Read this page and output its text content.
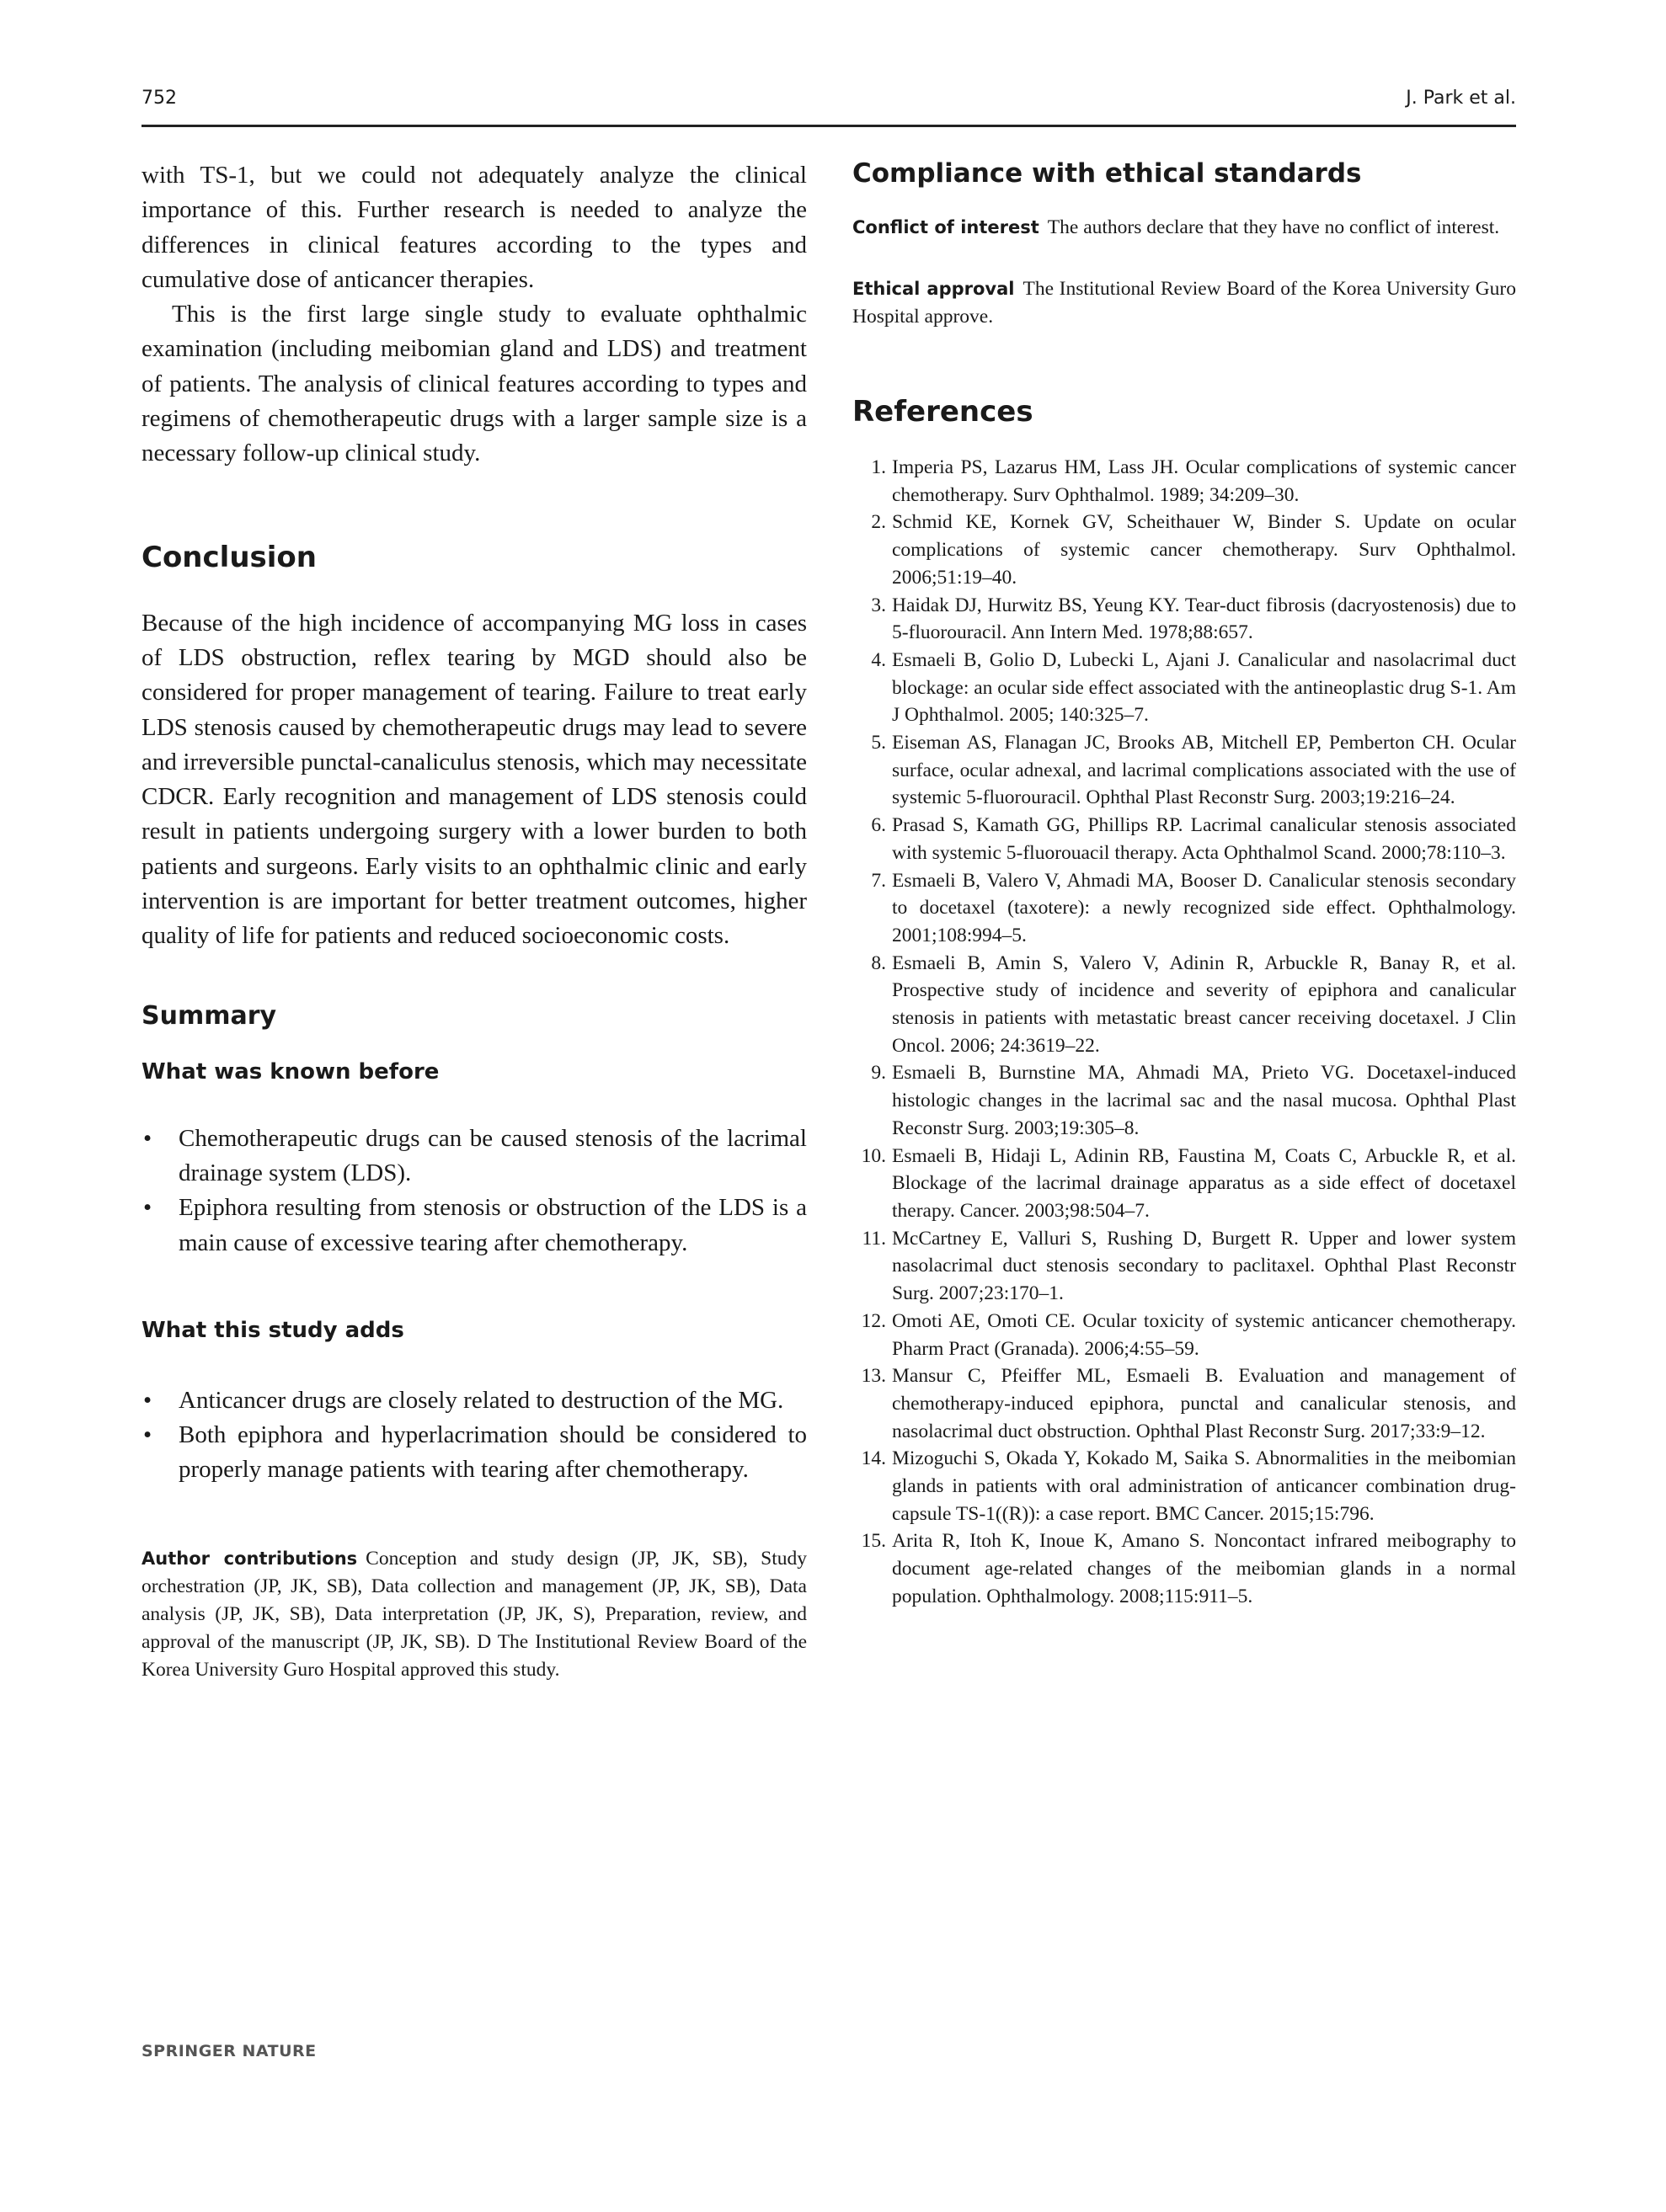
752	J. Park et al.

with TS-1, but we could not adequately analyze the clinical importance of this. Further research is needed to analyze the differences in clinical features according to the types and cumulative dose of anticancer therapies.

This is the first large single study to evaluate ophthalmic examination (including meibomian gland and LDS) and treatment of patients. The analysis of clinical features according to types and regimens of chemotherapeutic drugs with a larger sample size is a necessary follow-up clinical study.

Conclusion

Because of the high incidence of accompanying MG loss in cases of LDS obstruction, reflex tearing by MGD should also be considered for proper management of tearing. Failure to treat early LDS stenosis caused by chemotherapeutic drugs may lead to severe and irreversible punctal-canaliculus stenosis, which may necessitate CDCR. Early recognition and management of LDS stenosis could result in patients undergoing surgery with a lower burden to both patients and surgeons. Early visits to an ophthalmic clinic and early intervention is are important for better treatment outcomes, higher quality of life for patients and reduced socioeconomic costs.

Summary
What was known before
• Chemotherapeutic drugs can be caused stenosis of the lacrimal drainage system (LDS).
• Epiphora resulting from stenosis or obstruction of the LDS is a main cause of excessive tearing after chemotherapy.
What this study adds
• Anticancer drugs are closely related to destruction of the MG.
• Both epiphora and hyperlacrimation should be considered to properly manage patients with tearing after chemotherapy.

Author contributions Conception and study design (JP, JK, SB), Study orchestration (JP, JK, SB), Data collection and management (JP, JK, SB), Data analysis (JP, JK, SB), Data interpretation (JP, JK, S), Preparation, review, and approval of the manuscript (JP, JK, SB). D The Institutional Review Board of the Korea University Guro Hospital approved this study.

Compliance with ethical standards

Conflict of interest The authors declare that they have no conflict of interest.

Ethical approval The Institutional Review Board of the Korea University Guro Hospital approve.

References
1. Imperia PS, Lazarus HM, Lass JH. Ocular complications of systemic cancer chemotherapy. Surv Ophthalmol. 1989; 34:209–30.
2. Schmid KE, Kornek GV, Scheithauer W, Binder S. Update on ocular complications of systemic cancer chemotherapy. Surv Ophthalmol. 2006;51:19–40.
3. Haidak DJ, Hurwitz BS, Yeung KY. Tear-duct fibrosis (dacryostenosis) due to 5-fluorouracil. Ann Intern Med. 1978;88:657.
4. Esmaeli B, Golio D, Lubecki L, Ajani J. Canalicular and nasolacrimal duct blockage: an ocular side effect associated with the antineoplastic drug S-1. Am J Ophthalmol. 2005; 140:325–7.
5. Eiseman AS, Flanagan JC, Brooks AB, Mitchell EP, Pemberton CH. Ocular surface, ocular adnexal, and lacrimal complications associated with the use of systemic 5-fluorouracil. Ophthal Plast Reconstr Surg. 2003;19:216–24.
6. Prasad S, Kamath GG, Phillips RP. Lacrimal canalicular stenosis associated with systemic 5-fluorouacil therapy. Acta Ophthalmol Scand. 2000;78:110–3.
7. Esmaeli B, Valero V, Ahmadi MA, Booser D. Canalicular stenosis secondary to docetaxel (taxotere): a newly recognized side effect. Ophthalmology. 2001;108:994–5.
8. Esmaeli B, Amin S, Valero V, Adinin R, Arbuckle R, Banay R, et al. Prospective study of incidence and severity of epiphora and canalicular stenosis in patients with metastatic breast cancer receiving docetaxel. J Clin Oncol. 2006; 24:3619–22.
9. Esmaeli B, Burnstine MA, Ahmadi MA, Prieto VG. Docetaxel-induced histologic changes in the lacrimal sac and the nasal mucosa. Ophthal Plast Reconstr Surg. 2003;19:305–8.
10. Esmaeli B, Hidaji L, Adinin RB, Faustina M, Coats C, Arbuckle R, et al. Blockage of the lacrimal drainage apparatus as a side effect of docetaxel therapy. Cancer. 2003;98:504–7.
11. McCartney E, Valluri S, Rushing D, Burgett R. Upper and lower system nasolacrimal duct stenosis secondary to paclitaxel. Ophthal Plast Reconstr Surg. 2007;23:170–1.
12. Omoti AE, Omoti CE. Ocular toxicity of systemic anticancer chemotherapy. Pharm Pract (Granada). 2006;4:55–59.
13. Mansur C, Pfeiffer ML, Esmaeli B. Evaluation and management of chemotherapy-induced epiphora, punctal and canalicular stenosis, and nasolacrimal duct obstruction. Ophthal Plast Reconstr Surg. 2017;33:9–12.
14. Mizoguchi S, Okada Y, Kokado M, Saika S. Abnormalities in the meibomian glands in patients with oral administration of anticancer combination drug-capsule TS-1((R)): a case report. BMC Cancer. 2015;15:796.
15. Arita R, Itoh K, Inoue K, Amano S. Noncontact infrared meibography to document age-related changes of the meibomian glands in a normal population. Ophthalmology. 2008;115:911–5.
SPRINGER NATURE
